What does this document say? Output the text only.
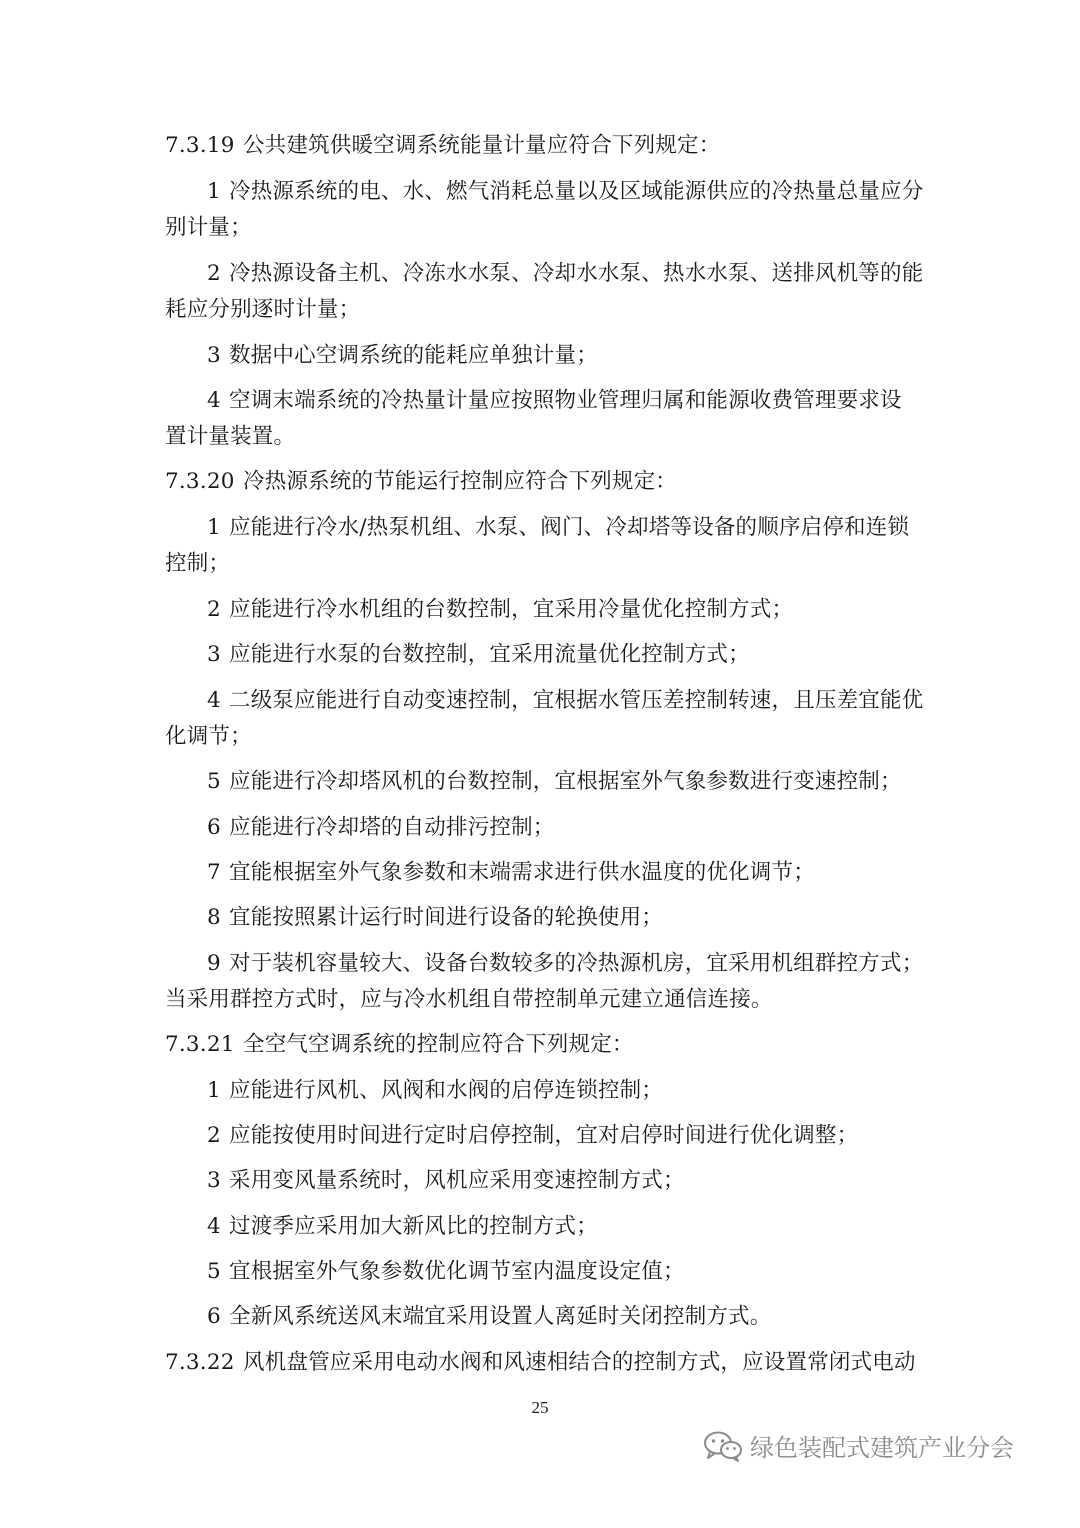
7.3.19 公共建筑供暖空调系统能量计量应符合下列规定：
1 冷热源系统的电、水、燃气消耗总量以及区域能源供应的冷热量总量应分
别计量；
2 冷热源设备主机、冷冻水水泵、冷却水水泵、热水水泵、送排风机等的能
耗应分别逐时计量；
3 数据中心空调系统的能耗应单独计量；
4 空调末端系统的冷热量计量应按照物业管理归属和能源收费管理要求设
置计量装置。
7.3.20 冷热源系统的节能运行控制应符合下列规定：
1 应能进行冷水/热泵机组、水泵、阀门、冷却塔等设备的顺序启停和连锁
控制；
2 应能进行冷水机组的台数控制，宜采用冷量优化控制方式；
3 应能进行水泵的台数控制，宜采用流量优化控制方式；
4 二级泵应能进行自动变速控制，宜根据水管压差控制转速，且压差宜能优
化调节；
5 应能进行冷却塔风机的台数控制，宜根据室外气象参数进行变速控制；
6 应能进行冷却塔的自动排污控制；
7 宜能根据室外气象参数和末端需求进行供水温度的优化调节；
8 宜能按照累计运行时间进行设备的轮换使用；
9 对于装机容量较大、设备台数较多的冷热源机房，宜采用机组群控方式；
当采用群控方式时，应与冷水机组自带控制单元建立通信连接。
7.3.21 全空气空调系统的控制应符合下列规定：
1 应能进行风机、风阀和水阀的启停连锁控制；
2 应能按使用时间进行定时启停控制，宜对启停时间进行优化调整；
3 采用变风量系统时，风机应采用变速控制方式；
4 过渡季应采用加大新风比的控制方式；
5 宜根据室外气象参数优化调节室内温度设定值；
6 全新风系统送风末端宜采用设置人离延时关闭控制方式。
7.3.22 风机盘管应采用电动水阀和风速相结合的控制方式，应设置常闭式电动
25
绿色装配式建筑产业分会
